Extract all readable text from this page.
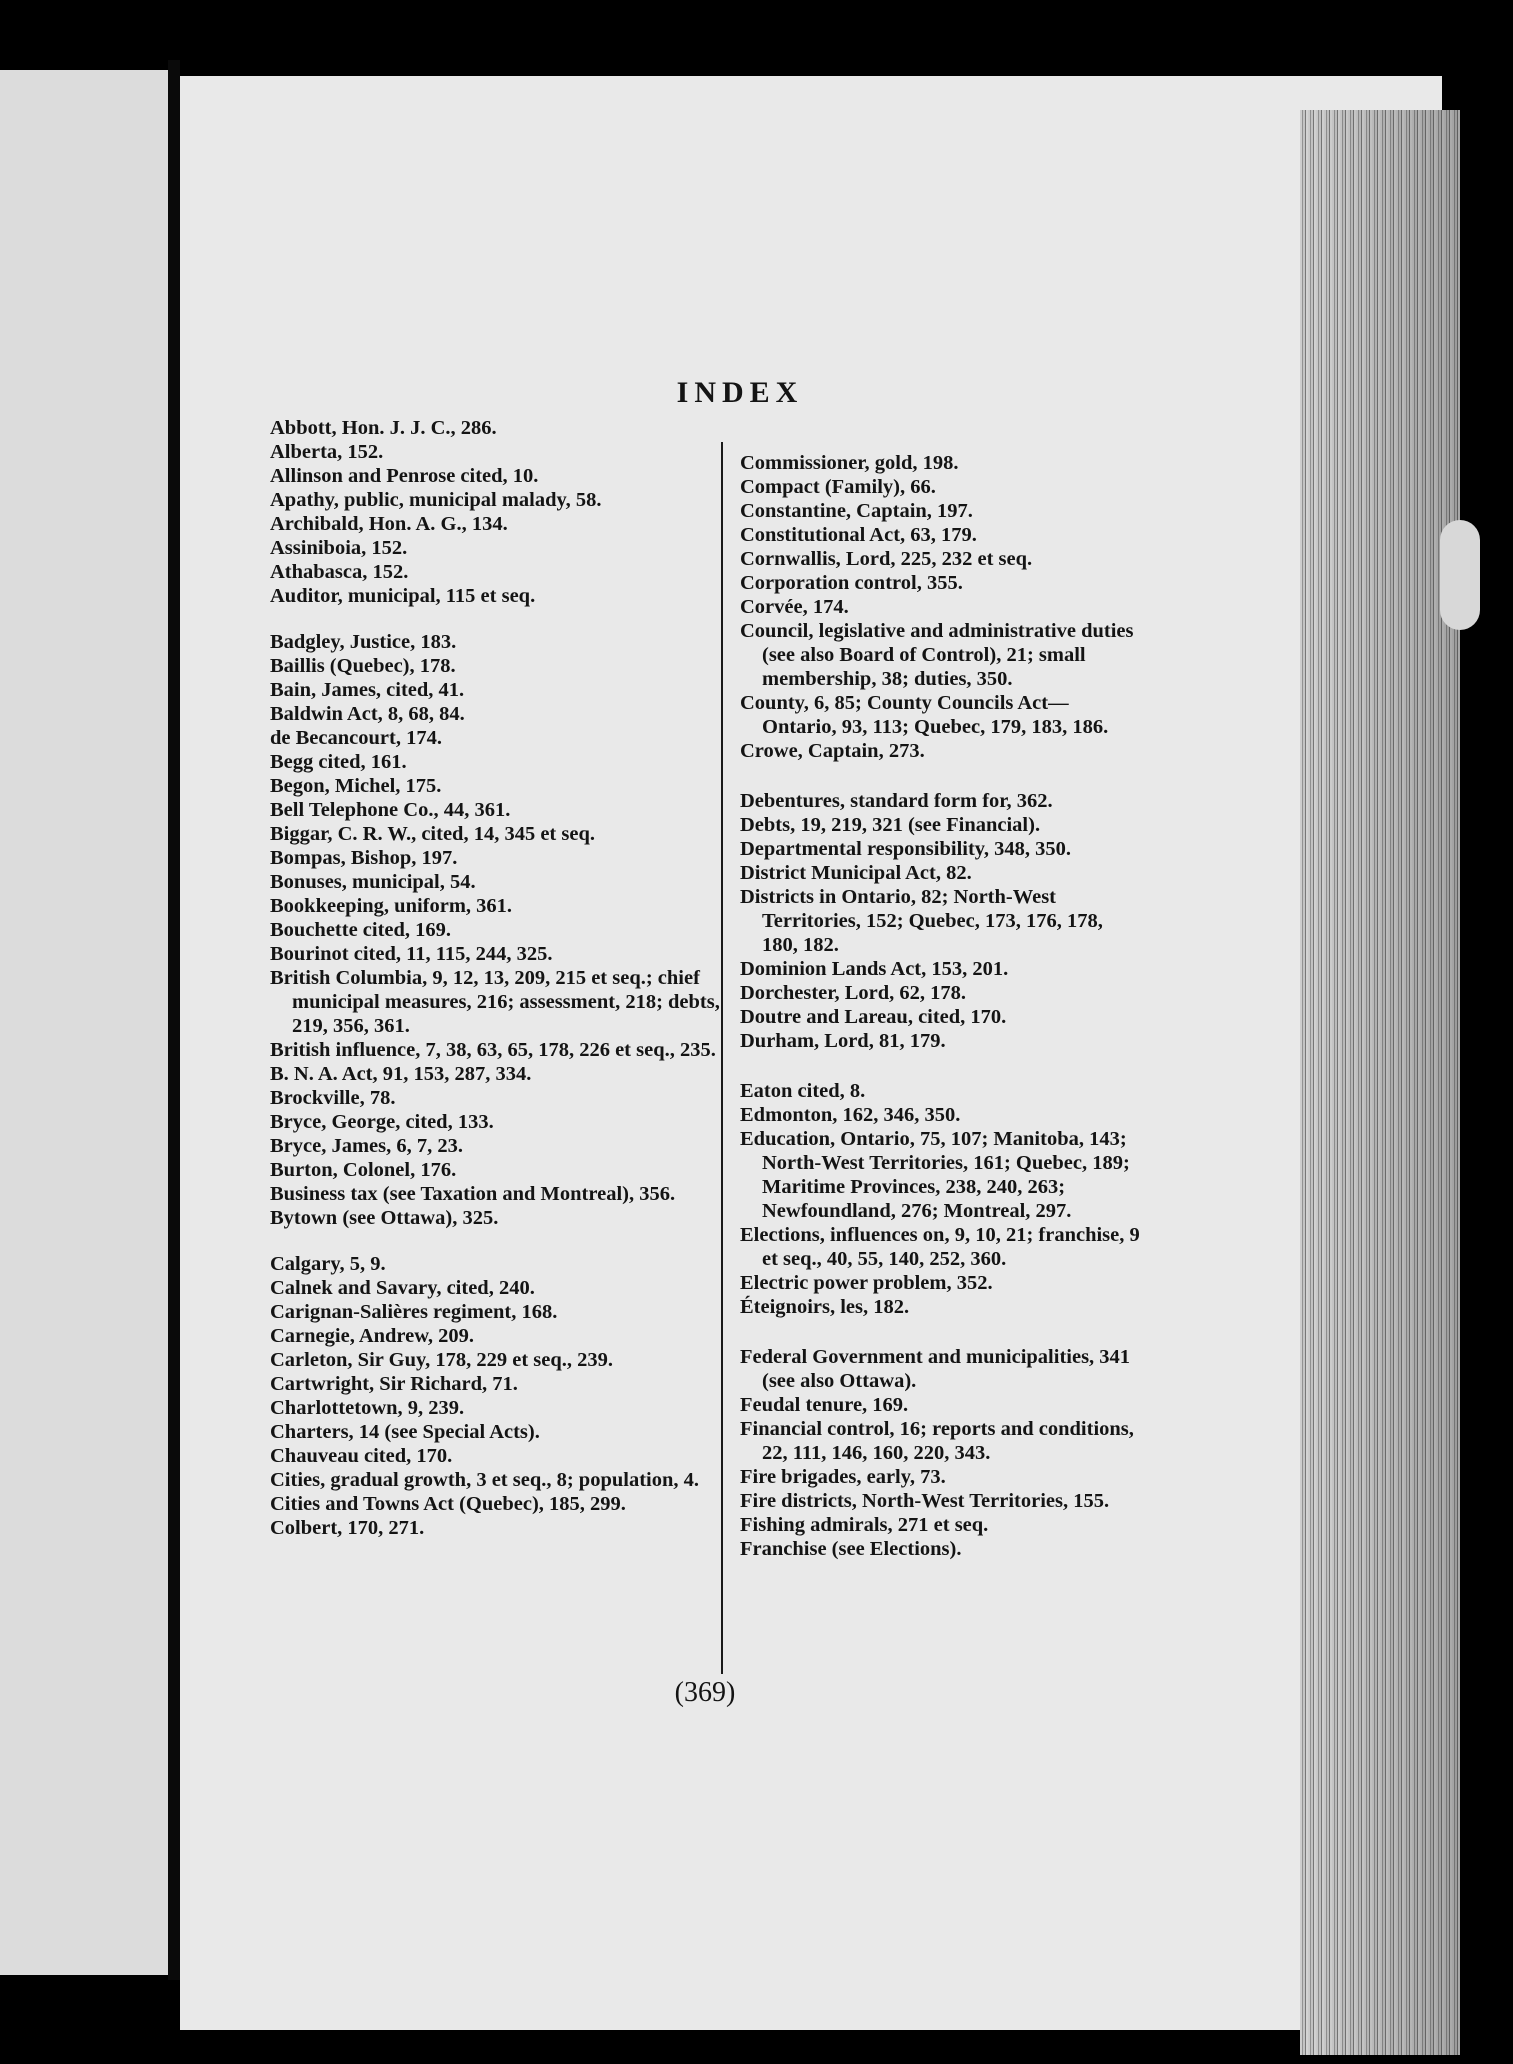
INDEX
Abbott, Hon. J. J. C., 286.
Alberta, 152.
Allinson and Penrose cited, 10.
Apathy, public, municipal malady, 58.
Archibald, Hon. A. G., 134.
Assiniboia, 152.
Athabasca, 152.
Auditor, municipal, 115 et seq.
Badgley, Justice, 183.
Baillis (Quebec), 178.
Bain, James, cited, 41.
Baldwin Act, 8, 68, 84.
de Becancourt, 174.
Begg cited, 161.
Begon, Michel, 175.
Bell Telephone Co., 44, 361.
Biggar, C. R. W., cited, 14, 345 et seq.
Bompas, Bishop, 197.
Bonuses, municipal, 54.
Bookkeeping, uniform, 361.
Bouchette cited, 169.
Bourinot cited, 11, 115, 244, 325.
British Columbia, 9, 12, 13, 209, 215 et seq.; chief municipal measures, 216; assessment, 218; debts, 219, 356, 361.
British influence, 7, 38, 63, 65, 178, 226 et seq., 235.
B. N. A. Act, 91, 153, 287, 334.
Brockville, 78.
Bryce, George, cited, 133.
Bryce, James, 6, 7, 23.
Burton, Colonel, 176.
Business tax (see Taxation and Montreal), 356.
Bytown (see Ottawa), 325.
Calgary, 5, 9.
Calnek and Savary, cited, 240.
Carignan-Salières regiment, 168.
Carnegie, Andrew, 209.
Carleton, Sir Guy, 178, 229 et seq., 239.
Cartwright, Sir Richard, 71.
Charlottetown, 9, 239.
Charters, 14 (see Special Acts).
Chauveau cited, 170.
Cities, gradual growth, 3 et seq., 8; population, 4.
Cities and Towns Act (Quebec), 185, 299.
Colbert, 170, 271.
Commissioner, gold, 198.
Compact (Family), 66.
Constantine, Captain, 197.
Constitutional Act, 63, 179.
Cornwallis, Lord, 225, 232 et seq.
Corporation control, 355.
Corvée, 174.
Council, legislative and administrative duties (see also Board of Control), 21; small membership, 38; duties, 350.
County, 6, 85; County Councils Act—Ontario, 93, 113; Quebec, 179, 183, 186.
Crowe, Captain, 273.
Debentures, standard form for, 362.
Debts, 19, 219, 321 (see Financial).
Departmental responsibility, 348, 350.
District Municipal Act, 82.
Districts in Ontario, 82; North-West Territories, 152; Quebec, 173, 176, 178, 180, 182.
Dominion Lands Act, 153, 201.
Dorchester, Lord, 62, 178.
Doutre and Lareau, cited, 170.
Durham, Lord, 81, 179.
Eaton cited, 8.
Edmonton, 162, 346, 350.
Education, Ontario, 75, 107; Manitoba, 143; North-West Territories, 161; Quebec, 189; Maritime Provinces, 238, 240, 263; Newfoundland, 276; Montreal, 297.
Elections, influences on, 9, 10, 21; franchise, 9 et seq., 40, 55, 140, 252, 360.
Electric power problem, 352.
Éteignoirs, les, 182.
Federal Government and municipalities, 341 (see also Ottawa).
Feudal tenure, 169.
Financial control, 16; reports and conditions, 22, 111, 146, 160, 220, 343.
Fire brigades, early, 73.
Fire districts, North-West Territories, 155.
Fishing admirals, 271 et seq.
Franchise (see Elections).
(369)
